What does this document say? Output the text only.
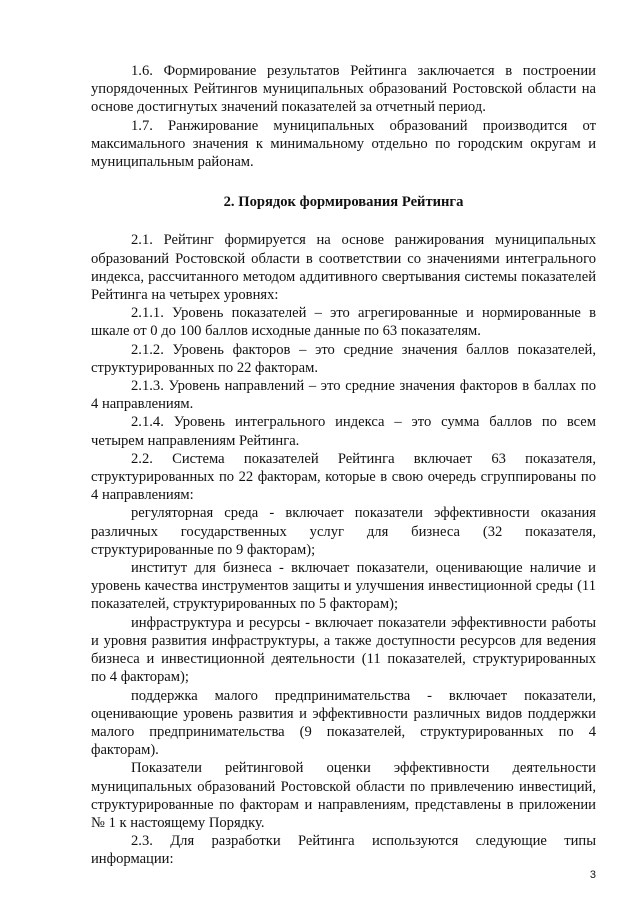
1.6. Формирование результатов Рейтинга заключается в построении упорядоченных Рейтингов муниципальных образований Ростовской области на основе достигнутых значений показателей за отчетный период.

1.7. Ранжирование муниципальных образований производится от максимального значения к минимальному отдельно по городским округам и муниципальным районам.

2. Порядок формирования Рейтинга

2.1. Рейтинг формируется на основе ранжирования муниципальных образований Ростовской области в соответствии со значениями интегрального индекса, рассчитанного методом аддитивного свертывания системы показателей Рейтинга на четырех уровнях:

2.1.1. Уровень показателей – это агрегированные и нормированные в шкале от 0 до 100 баллов исходные данные по 63 показателям.

2.1.2. Уровень факторов – это средние значения баллов показателей, структурированных по 22 факторам.

2.1.3. Уровень направлений – это средние значения факторов в баллах по 4 направлениям.

2.1.4. Уровень интегрального индекса – это сумма баллов по всем четырем направлениям Рейтинга.

2.2. Система показателей Рейтинга включает 63 показателя, структурированных по 22 факторам, которые в свою очередь сгруппированы по 4 направлениям:

регуляторная среда - включает показатели эффективности оказания различных государственных услуг для бизнеса (32 показателя, структурированные по 9 факторам);

институт для бизнеса - включает показатели, оценивающие наличие и уровень качества инструментов защиты и улучшения инвестиционной среды (11 показателей, структурированных по 5 факторам);

инфраструктура и ресурсы - включает показатели эффективности работы и уровня развития инфраструктуры, а также доступности ресурсов для ведения бизнеса и инвестиционной деятельности (11 показателей, структурированных по 4 факторам);

поддержка малого предпринимательства - включает показатели, оценивающие уровень развития и эффективности различных видов поддержки малого предпринимательства (9 показателей, структурированных по 4 факторам).

Показатели рейтинговой оценки эффективности деятельности муниципальных образований Ростовской области по привлечению инвестиций, структурированные по факторам и направлениям, представлены в приложении № 1 к настоящему Порядку.

2.3. Для разработки Рейтинга используются следующие типы информации:

3
